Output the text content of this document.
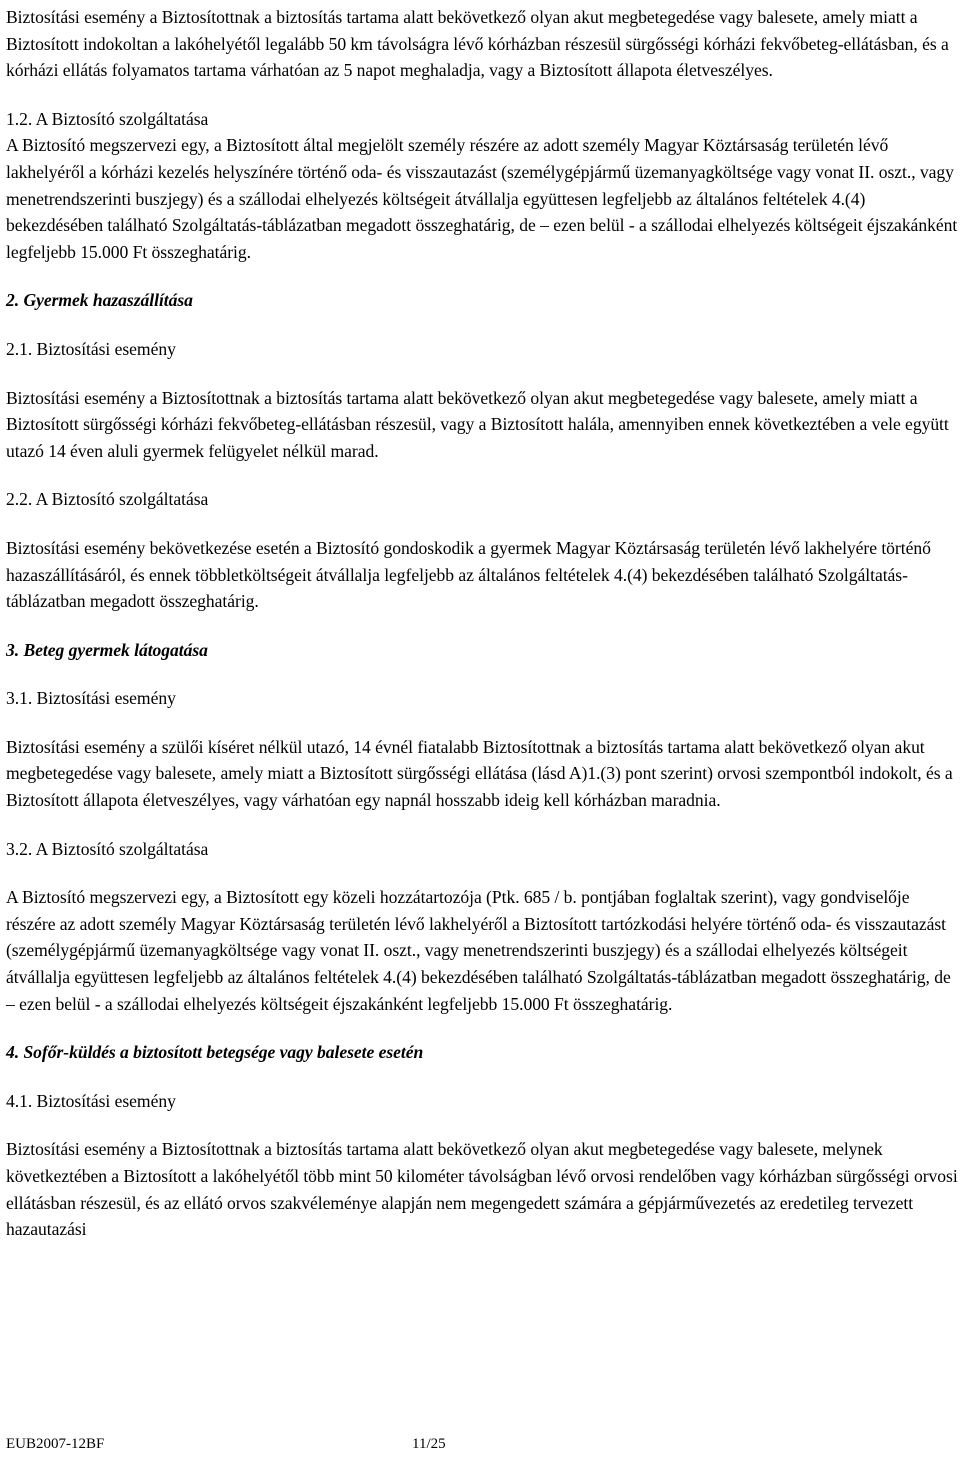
Biztosítási esemény a Biztosítottnak a biztosítás tartama alatt bekövetkező olyan akut megbetegedése vagy balesete, amely miatt a Biztosított indokoltan a lakóhelyétől legalább 50 km távolságra lévő kórházban részesül sürgősségi kórházi fekvőbeteg-ellátásban, és a kórházi ellátás folyamatos tartama várhatóan az 5 napot meghaladja, vagy a Biztosított állapota életveszélyes.

1.2. A Biztosító szolgáltatása

A Biztosító megszervezi egy, a Biztosított által megjelölt személy részére az adott személy Magyar Köztársaság területén lévő lakhelyéről a kórházi kezelés helyszínére történő oda- és visszautazást (személygépjármű üzemanyagköltsége vagy vonat II. oszt., vagy menetrendszerinti buszjegy) és a szállodai elhelyezés költségeit átvállalja együttesen legfeljebb az általános feltételek 4.(4) bekezdésében található Szolgáltatás-táblázatban megadott összeghatárig, de – ezen belül - a szállodai elhelyezés költségeit éjszakánként legfeljebb 15.000 Ft összeghatárig.

2. Gyermek hazaszállítása

2.1. Biztosítási esemény

Biztosítási esemény a Biztosítottnak a biztosítás tartama alatt bekövetkező olyan akut megbetegedése vagy balesete, amely miatt a Biztosított sürgősségi kórházi fekvőbeteg-ellátásban részesül, vagy a Biztosított halála, amennyiben ennek következtében a vele együtt utazó 14 éven aluli gyermek felügyelet nélkül marad.

2.2. A Biztosító szolgáltatása

Biztosítási esemény bekövetkezése esetén a Biztosító gondoskodik a gyermek Magyar Köztársaság területén lévő lakhelyére történő hazaszállításáról, és ennek többletköltségeit átvállalja legfeljebb az általános feltételek 4.(4) bekezdésében található Szolgáltatás-táblázatban megadott összeghatárig.

3. Beteg gyermek látogatása

3.1. Biztosítási esemény

Biztosítási esemény a szülői kíséret nélkül utazó, 14 évnél fiatalabb Biztosítottnak a biztosítás tartama alatt bekövetkező olyan akut megbetegedése vagy balesete, amely miatt a Biztosított sürgősségi ellátása (lásd A)1.(3) pont szerint) orvosi szempontból indokolt, és a Biztosított állapota életveszélyes, vagy várhatóan egy napnál hosszabb ideig kell kórházban maradnia.

3.2. A Biztosító szolgáltatása

A Biztosító megszervezi egy, a Biztosított egy közeli hozzátartozója (Ptk. 685 / b. pontjában foglaltak szerint), vagy gondviselője részére az adott személy Magyar Köztársaság területén lévő lakhelyéről a Biztosított tartózkodási helyére történő oda- és visszautazást (személygépjármű üzemanyagköltsége vagy vonat II. oszt., vagy menetrendszerinti buszjegy) és a szállodai elhelyezés költségeit átvállalja együttesen legfeljebb az általános feltételek 4.(4) bekezdésében található Szolgáltatás-táblázatban megadott összeghatárig, de – ezen belül - a szállodai elhelyezés költségeit éjszakánként legfeljebb 15.000 Ft összeghatárig.

4. Sofőr-küldés a biztosított betegsége vagy balesete esetén

4.1. Biztosítási esemény

Biztosítási esemény a Biztosítottnak a biztosítás tartama alatt bekövetkező olyan akut megbetegedése vagy balesete, melynek következtében a Biztosított a lakóhelyétől több mint 50 kilométer távolságban lévő orvosi rendelőben vagy kórházban sürgősségi orvosi ellátásban részesül, és az ellátó orvos szakvéleménye alapján nem megengedett számára a gépjárművezetés az eredetileg tervezett hazautazási

EUB2007-12BF	11/25
